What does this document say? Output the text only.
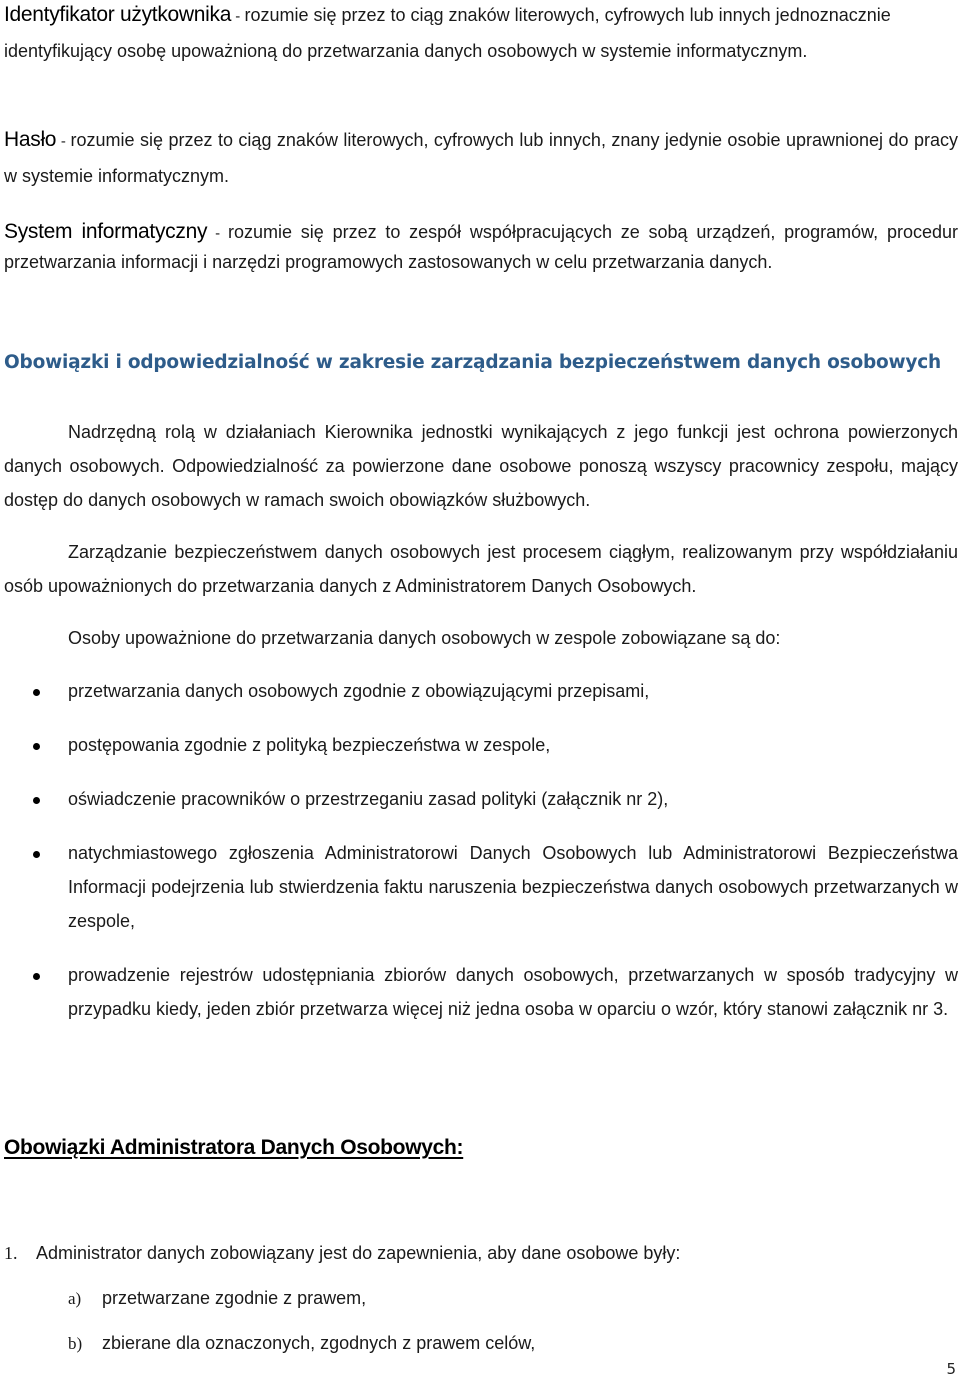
Identyfikator użytkownika - rozumie się przez to ciąg znaków literowych, cyfrowych lub innych jednoznacznie identyfikujący osobę upoważnioną do przetwarzania danych osobowych w systemie informatycznym.

Hasło - rozumie się przez to ciąg znaków literowych, cyfrowych lub innych, znany jedynie osobie uprawnionej do pracy w systemie informatycznym.

System informatyczny - rozumie się przez to zespół współpracujących ze sobą urządzeń, programów, procedur przetwarzania informacji i narzędzi programowych zastosowanych w celu przetwarzania danych.

Obowiązki i odpowiedzialność w zakresie zarządzania bezpieczeństwem danych osobowych

Nadrzędną rolą w działaniach Kierownika jednostki wynikających z jego funkcji jest ochrona powierzonych danych osobowych. Odpowiedzialność za powierzone dane osobowe ponoszą wszyscy pracownicy zespołu, mający dostęp do danych osobowych w ramach swoich obowiązków służbowych.

Zarządzanie bezpieczeństwem danych osobowych jest procesem ciągłym, realizowanym przy współdziałaniu osób upoważnionych do przetwarzania danych z Administratorem Danych Osobowych.

Osoby upoważnione do przetwarzania danych osobowych w zespole zobowiązane są do:

przetwarzania danych osobowych zgodnie z obowiązującymi przepisami,
postępowania zgodnie z polityką bezpieczeństwa w zespole,
oświadczenie pracowników o przestrzeganiu zasad polityki (załącznik nr 2),
natychmiastowego zgłoszenia Administratorowi Danych Osobowych lub Administratorowi Bezpieczeństwa Informacji podejrzenia lub stwierdzenia faktu naruszenia bezpieczeństwa danych osobowych przetwarzanych w zespole,
prowadzenie rejestrów udostępniania zbiorów danych osobowych, przetwarzanych w sposób tradycyjny w przypadku kiedy, jeden zbiór przetwarza więcej niż jedna osoba w oparciu o wzór, który stanowi załącznik nr 3.
Obowiązki Administratora Danych Osobowych:

1. Administrator danych zobowiązany jest do zapewnienia, aby dane osobowe były:

a) przetwarzane zgodnie z prawem,

b) zbierane dla oznaczonych, zgodnych z prawem celów,

5
